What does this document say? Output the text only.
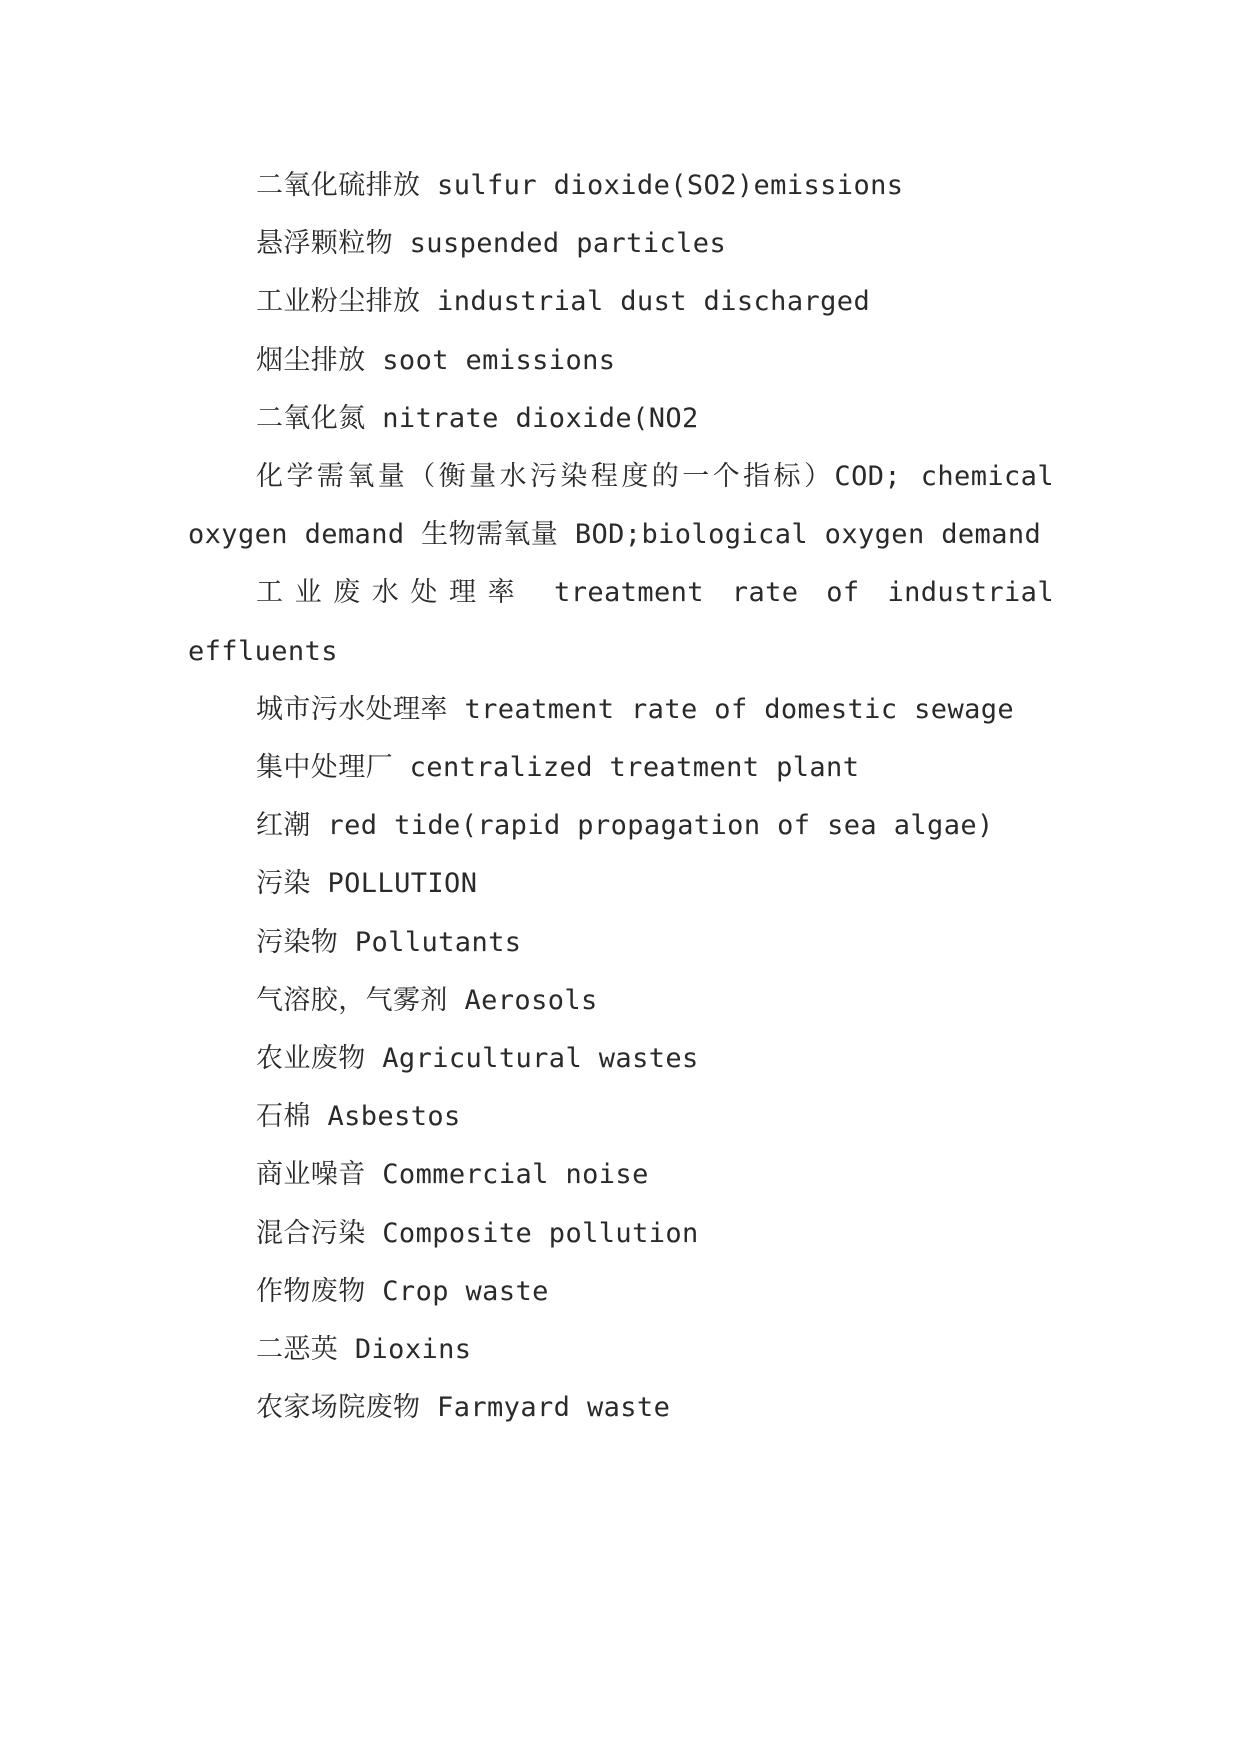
二氧化硫排放 sulfur dioxide(SO2)emissions

悬浮颗粒物 suspended particles

工业粉尘排放 industrial dust discharged

烟尘排放 soot emissions

二氧化氮 nitrate dioxide(NO2

化学需氧量（衡量水污染程度的一个指标）COD; chemical oxygen demand 生物需氧量 BOD;biological oxygen demand

工业废水处理率 treatment rate of industrial effluents

城市污水处理率 treatment rate of domestic sewage

集中处理厂 centralized treatment plant

红潮 red tide(rapid propagation of sea algae)

污染 POLLUTION

污染物 Pollutants

气溶胶，气雾剂 Aerosols

农业废物 Agricultural wastes

石棉 Asbestos

商业噪音 Commercial noise

混合污染 Composite pollution

作物废物 Crop waste

二恶英 Dioxins

农家场院废物 Farmyard waste
